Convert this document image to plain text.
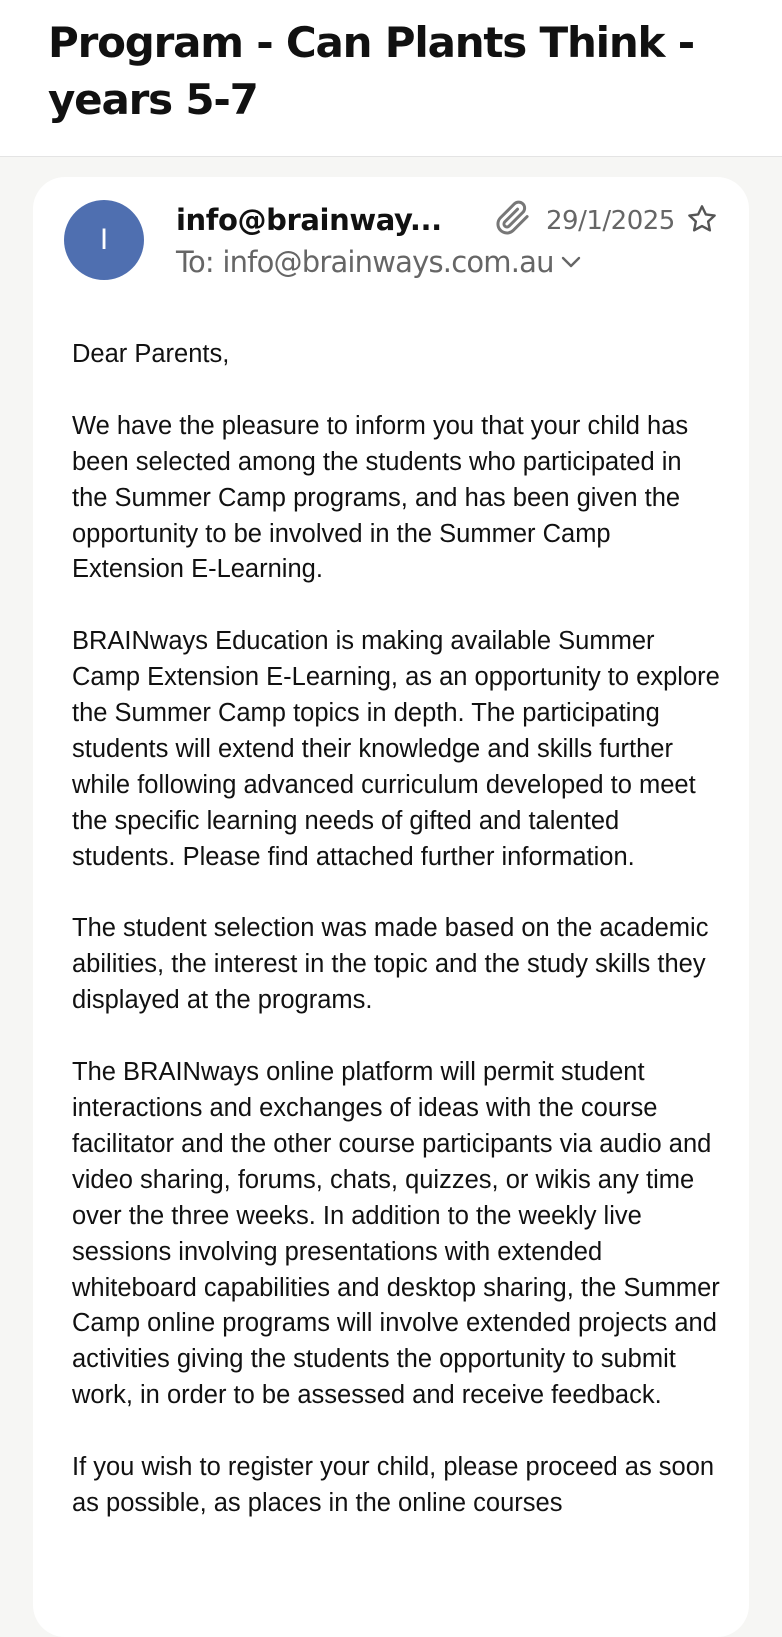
Program - Can Plants Think - years 5-7
I
info@brainway...	29/1/2025
To: info@brainways.com.au

Dear Parents,

We have the pleasure to inform you that your child has been selected among the students who participated in the Summer Camp programs, and has been given the opportunity to be involved in the Summer Camp Extension E-Learning.

BRAINways Education is making available Summer Camp Extension E-Learning, as an opportunity to explore the Summer Camp topics in depth. The participating students will extend their knowledge and skills further while following advanced curriculum developed to meet the specific learning needs of gifted and talented students. Please find attached further information.

The student selection was made based on the academic abilities, the interest in the topic and the study skills they displayed at the programs.

The BRAINways online platform will permit student interactions and exchanges of ideas with the course facilitator and the other course participants via audio and video sharing, forums, chats, quizzes, or wikis any time over the three weeks. In addition to the weekly live sessions involving presentations with extended whiteboard capabilities and desktop sharing, the Summer Camp online programs will involve extended projects and activities giving the students the opportunity to submit work, in order to be assessed and receive feedback.

If you wish to register your child, please proceed as soon as possible, as places in the online courses
